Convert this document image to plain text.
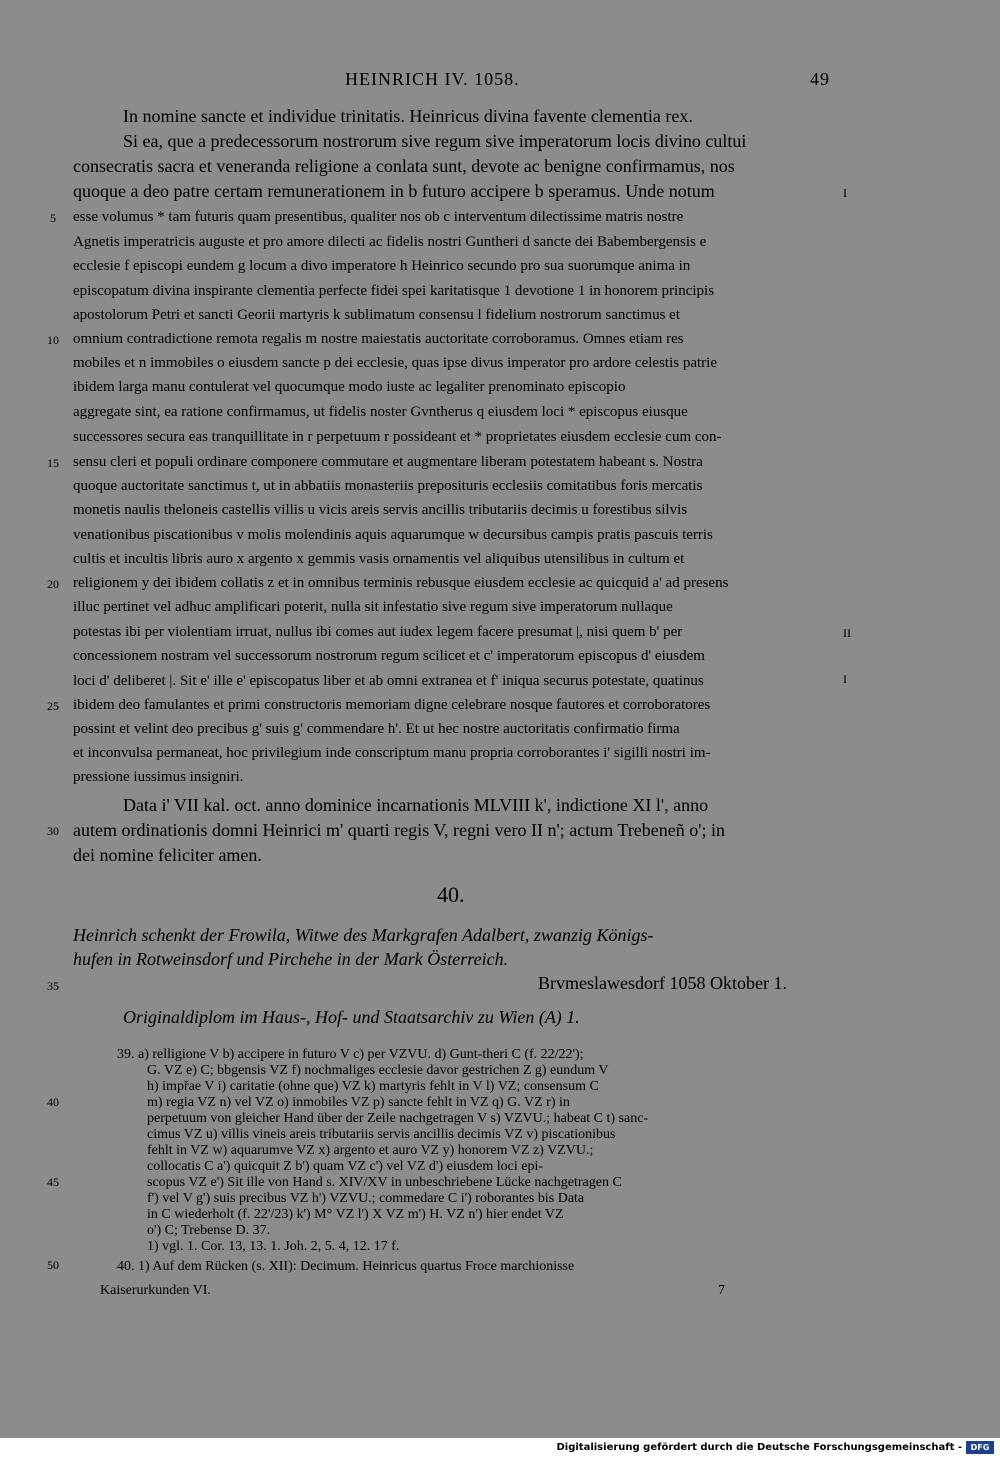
HEINRICH IV. 1058.	49
In nomine sancte et individue trinitatis. Heinricus divina favente clementia rex.
Si ea, que a predecessorum nostrorum sive regum sive imperatorum locis divino cultui
consecratis sacra et veneranda religione a conlata sunt, devote ac benigne confirmamus, nos
quoque a deo patre certam remunerationem in b futuro accipere b speramus. Unde notum
esse volumus * tam futuris quam presentibus, qualiter nos ob c interventum dilectissime matris nostre
Agnetis imperatricis auguste et pro amore dilecti ac fidelis nostri Guntheri d sancte dei Babembergensis e
ecclesie f episcopi eundem g locum a divo imperatore h Heinrico secundo pro sua suorumque anima in
episcopatum divina inspirante clementia perfecte fidei spei karitatisque 1 devotione 1 in honorem principis
apostolorum Petri et sancti Georii martyris k sublimatum consensu l fidelium nostrorum sanctimus et
omnium contradictione remota regalis m nostre maiestatis auctoritate corroboramus. Omnes etiam res
mobiles et n immobiles o eiusdem sancte p dei ecclesie, quas ipse divus imperator pro ardore celestis patrie
ibidem larga manu contulerat vel quocumque modo iuste ac legaliter prenominato episcopio
aggregate sint, ea ratione confirmamus, ut fidelis noster Gvntherus q eiusdem loci * episcopus eiusque
successores secura eas tranquillitate in r perpetuum r possideant et * proprietates eiusdem ecclesie cum con-
sensu cleri et populi ordinare componere commutare et augmentare liberam potestatem habeant s. Nostra
quoque auctoritate sanctimus t, ut in abbatiis monasteriis prepositurіs ecclesiis comitatibus foris mercatis
monetis naulis theloneis castellis villis u vicis areis servis ancillis tributariis decimis u forestibus silvis
venationibus piscationibus v molis molendinis aquis aquarumque w decursibus campis pratis pascuis terris
cultis et incultis libris auro x argento x gemmis vasis ornamentis vel aliquibus utensilibus in cultum et
religionem y dei ibidem collatis z et in omnibus terminis rebusque eiusdem ecclesie ac quicquid a' ad presens
illuc pertinet vel adhuc amplificari poterit, nulla sit infestatio sive regum sive imperatorum nullaque
potestas ibi per violentiam irruat, nullus ibi comes aut iudex legem facere presumat |, nisi quem b' per
concessionem nostram vel successorum nostrorum regum scilicet et c' imperatorum episcopus d' eiusdem
loci d' deliberet |. Sit e' ille e' episcopatus liber et ab omni extranea et f' iniqua securus potestate, quatinus
ibidem deo famulantes et primi constructoris memoriam digne celebrare nosque fautores et corroboratores
possint et velint deo precibus g' suis g' commendare h'. Et ut hec nostre auctoritatis confirmatio firma
et inconvulsa permaneat, hoc privilegium inde conscriptum manu propria corroborantes i' sigilli nostri im-
pressione iussimus insigniri.
Data i' VII kal. oct. anno dominice incarnationis MLVIII k', indictione XI l', anno
autem ordinationis domni Heinrici m' quarti regis V, regni vero II n'; actum Trebeneñ o'; in
dei nomine feliciter amen.
5
10
15
20
25
30
35
40
45
50
I
II
I
40.
Heinrich schenkt der Frowila, Witwe des Markgrafen Adalbert, zwanzig Königs-
hufen in Rotweinsdorf und Pirchehe in der Mark Österreich.
Brvmeslawesdorf 1058 Oktober 1.
Originaldiplom im Haus-, Hof- und Staatsarchiv zu Wien (A) 1.
39. a) relligione V b) accipere in futuro V c) per VZVU. d) Gunt-theri C (f. 22/22');
G. VZ e) C; bbgensis VZ f) nochmaliges ecclesie davor gestrichen Z g) eundum V
h) impřae V i) caritatie (ohne que) VZ k) martyris fehlt in V l) VZ; consensum C
m) regia VZ n) vel VZ o) inmobiles VZ p) sancte fehlt in VZ q) G. VZ r) in
perpetuum von gleicher Hand über der Zeile nachgetragen V s) VZVU.; habeat C t) sanc-
cimus VZ u) villis vineis areis tributariis servis ancillis decimis VZ v) piscationibus
fehlt in VZ w) aquarumve VZ x) argento et auro VZ y) honorem VZ z) VZVU.;
collocatis C a') quicquit Z b') quam VZ c') vel VZ d') eiusdem loci epi-
scopus VZ e') Sit ille von Hand s. XIV/XV in unbeschriebene Lücke nachgetragen C
f') vel V g') suis precibus VZ h') VZVU.; commedare C i') roborantes bis Data
in C wiederholt (f. 22'/23) k') M° VZ l') X VZ m') H. VZ n') hier endet VZ
o') C; Trebense D. 37.
1) vgl. 1. Cor. 13, 13. 1. Joh. 2, 5. 4, 12. 17 f.
40. 1) Auf dem Rücken (s. XII): Decimum. Heinricus quartus Froce marchionisse
Kaiserurkunden VI.	7
Digitalisierung gefördert durch die Deutsche Forschungsgemeinschaft -	DFG
